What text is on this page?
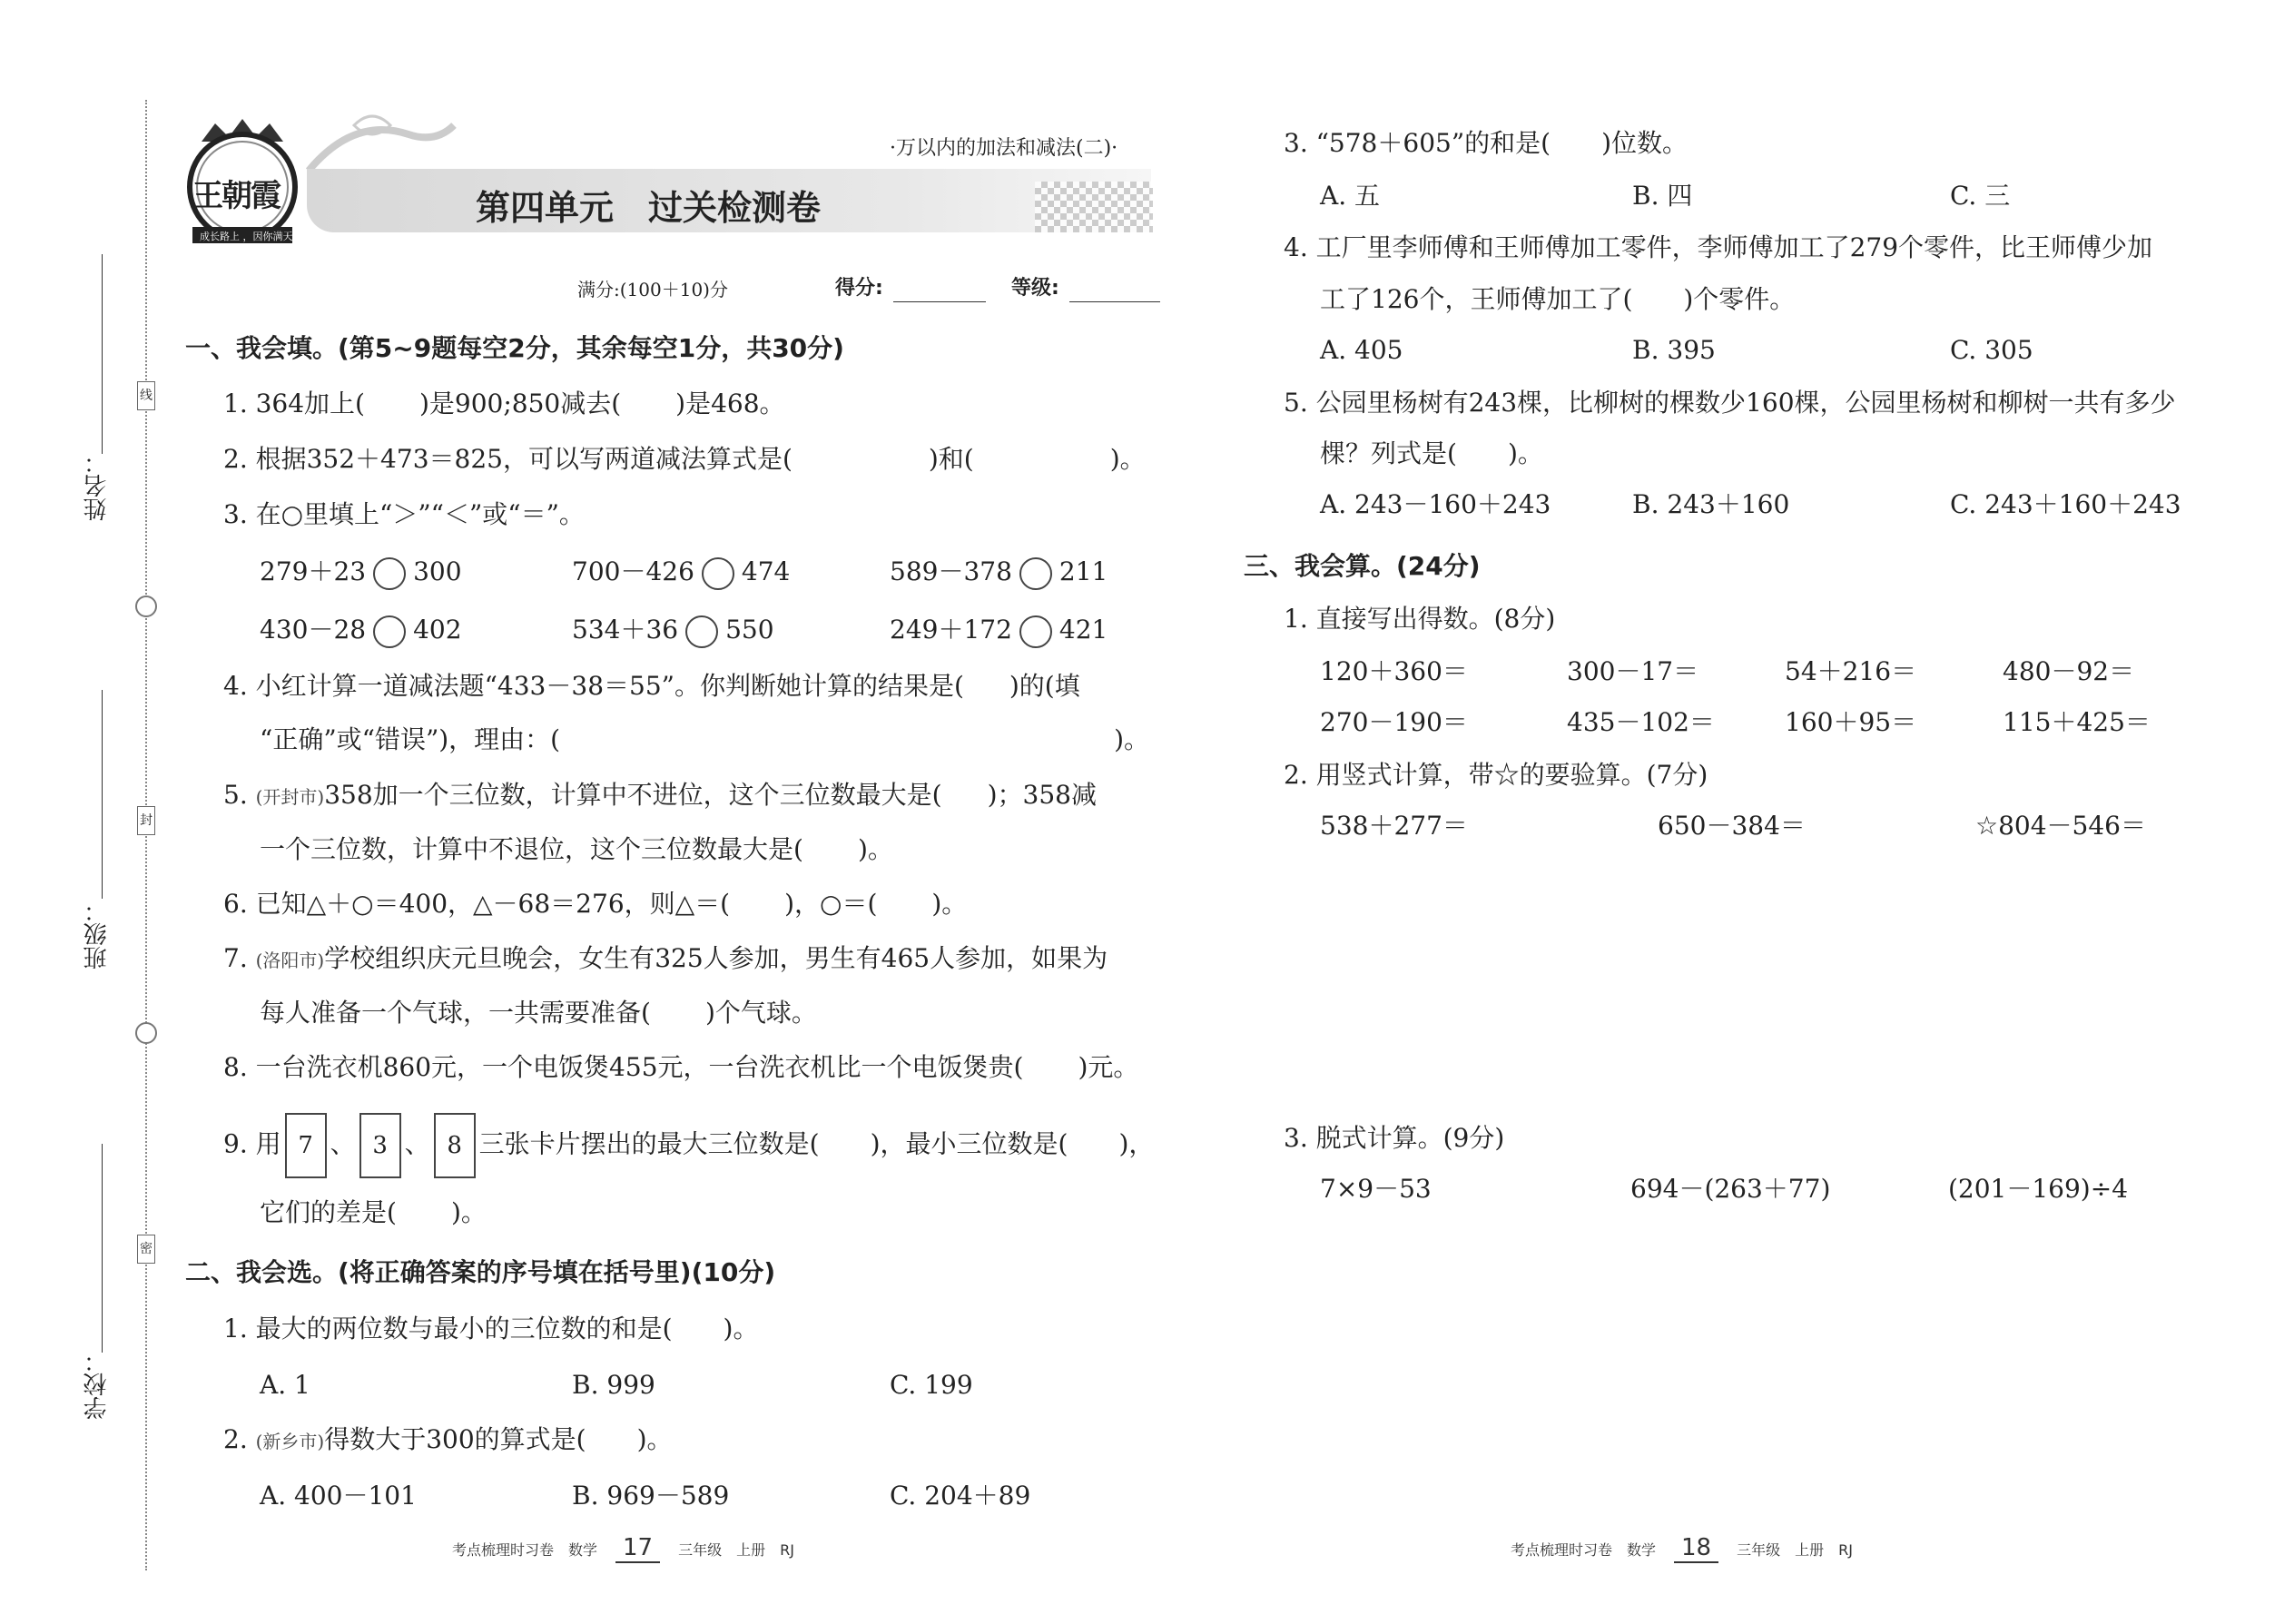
线
封
密
姓名：
班级：
学校：
王朝霞
成长路上 ，因你满天
·万以内的加法和减法(二)·
第四单元　过关检测卷
满分:(100＋10)分	得分:	等级:
一、我会填。(第5~9题每空2分，其余每空1分，共30分)
1. 364加上( )是900;850减去( )是468。
2. 根据352＋473＝825，可以写两道减法算式是(	)和(	)。
3. 在○里填上“＞”“＜”或“＝”。
279＋23 300	700－426 474	589－378 211
430－28 402	534＋36 550	249＋172 421
4. 小红计算一道减法题“433－38＝55”。你判断她计算的结果是( )的(填
“正确”或“错误”)，理由：(	)。
5. (开封市)358加一个三位数，计算中不进位，这个三位数最大是( )；358减
一个三位数，计算中不退位，这个三位数最大是( )。
6. 已知△＋○＝400，△－68＝276，则△＝( )，○＝( )。
7. (洛阳市)学校组织庆元旦晚会，女生有325人参加，男生有465人参加，如果为
每人准备一个气球，一共需要准备( )个气球。
8. 一台洗衣机860元，一个电饭煲455元，一台洗衣机比一个电饭煲贵( )元。
9. 用 7 、 3 、 8 三张卡片摆出的最大三位数是( )，最小三位数是( )，
它们的差是( )。
二、我会选。(将正确答案的序号填在括号里)(10分)
1. 最大的两位数与最小的三位数的和是( )。
A. 1	B. 999	C. 199
2. (新乡市)得数大于300的算式是( )。
A. 400－101	B. 969－589	C. 204＋89
3. “578＋605”的和是( )位数。
A. 五	B. 四	C. 三
4. 工厂里李师傅和王师傅加工零件，李师傅加工了279个零件，比王师傅少加
工了126个，王师傅加工了( )个零件。
A. 405	B. 395	C. 305
5. 公园里杨树有243棵，比柳树的棵数少160棵，公园里杨树和柳树一共有多少
棵？列式是( )。
A. 243－160＋243	B. 243＋160	C. 243＋160＋243
三、我会算。(24分)
1. 直接写出得数。(8分)
120＋360＝	300－17＝	54＋216＝	480－92＝
270－190＝	435－102＝	160＋95＝	115＋425＝
2. 用竖式计算，带☆的要验算。(7分)
538＋277＝	650－384＝	☆804－546＝
3. 脱式计算。(9分)
7×9－53	694－(263＋77)	(201－169)÷4
考点梳理时习卷　数学 17 三年级　上册　RJ	考点梳理时习卷　数学 18 三年级　上册　RJ
